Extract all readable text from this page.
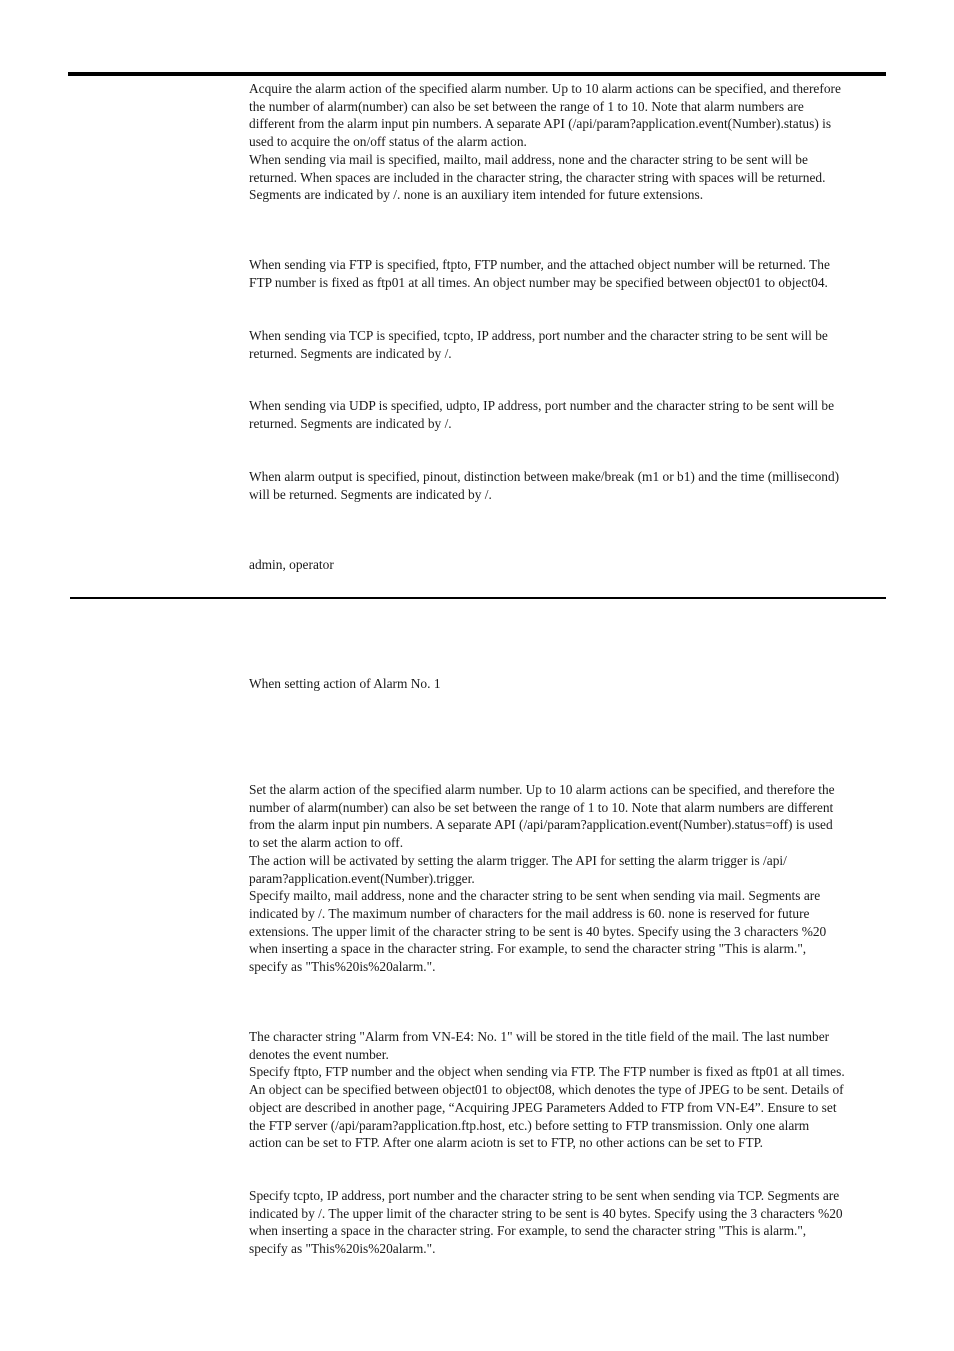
Acquire the alarm action of the specified alarm number. Up to 10 alarm actions can be specified, and therefore
the number of alarm(number) can also be set between the range of 1 to 10. Note that alarm numbers are
different from the alarm input pin numbers. A separate API (/api/param?application.event(Number).status) is
used to acquire the on/off status of the alarm action.
When sending via mail is specified, mailto, mail address, none and the character string to be sent will be
returned. When spaces are included in the character string, the character string with spaces will be returned.
Segments are indicated by /. none is an auxiliary item intended for future extensions.
When sending via FTP is specified, ftpto, FTP number, and the attached object number will be returned. The
FTP number is fixed as ftp01 at all times. An object number may be specified between object01 to object04.
When sending via TCP is specified, tcpto, IP address, port number and the character string to be sent will be
returned. Segments are indicated by /.
When sending via UDP is specified, udpto, IP address, port number and the character string to be sent will be
returned. Segments are indicated by /.
When alarm output is specified, pinout, distinction between make/break (m1 or b1) and the time (millisecond)
will be returned. Segments are indicated by /.
admin, operator
When setting action of Alarm No. 1
Set the alarm action of the specified alarm number. Up to 10 alarm actions can be specified, and therefore the
number of alarm(number) can also be set between the range of 1 to 10. Note that alarm numbers are different
from the alarm input pin numbers. A separate API (/api/param?application.event(Number).status=off) is used
to set the alarm action to off.
The action will be activated by setting the alarm trigger. The API for setting the alarm trigger is /api/
param?application.event(Number).trigger.
Specify mailto, mail address, none and the character string to be sent when sending via mail. Segments are
indicated by /. The maximum number of characters for the mail address is 60. none is reserved for future
extensions. The upper limit of the character string to be sent is 40 bytes. Specify using the 3 characters %20
when inserting a space in the character string. For example, to send the character string "This is alarm.",
specify as "This%20is%20alarm.".
The character string "Alarm from VN-E4: No. 1" will be stored in the title field of the mail. The last number
denotes the event number.
Specify ftpto, FTP number and the object when sending via FTP. The FTP number is fixed as ftp01 at all times.
An object can be specified between object01 to object08, which denotes the type of JPEG to be sent. Details of
object are described in another page, “Acquiring JPEG Parameters Added to FTP from VN-E4”. Ensure to set
the FTP server (/api/param?application.ftp.host, etc.) before setting to FTP transmission. Only one alarm
action can be set to FTP. After one alarm aciotn is set to FTP, no other actions can be set to FTP.
Specify tcpto, IP address, port number and the character string to be sent when sending via TCP. Segments are
indicated by /. The upper limit of the character string to be sent is 40 bytes. Specify using the 3 characters %20
when inserting a space in the character string. For example, to send the character string "This is alarm.",
specify as "This%20is%20alarm.".
